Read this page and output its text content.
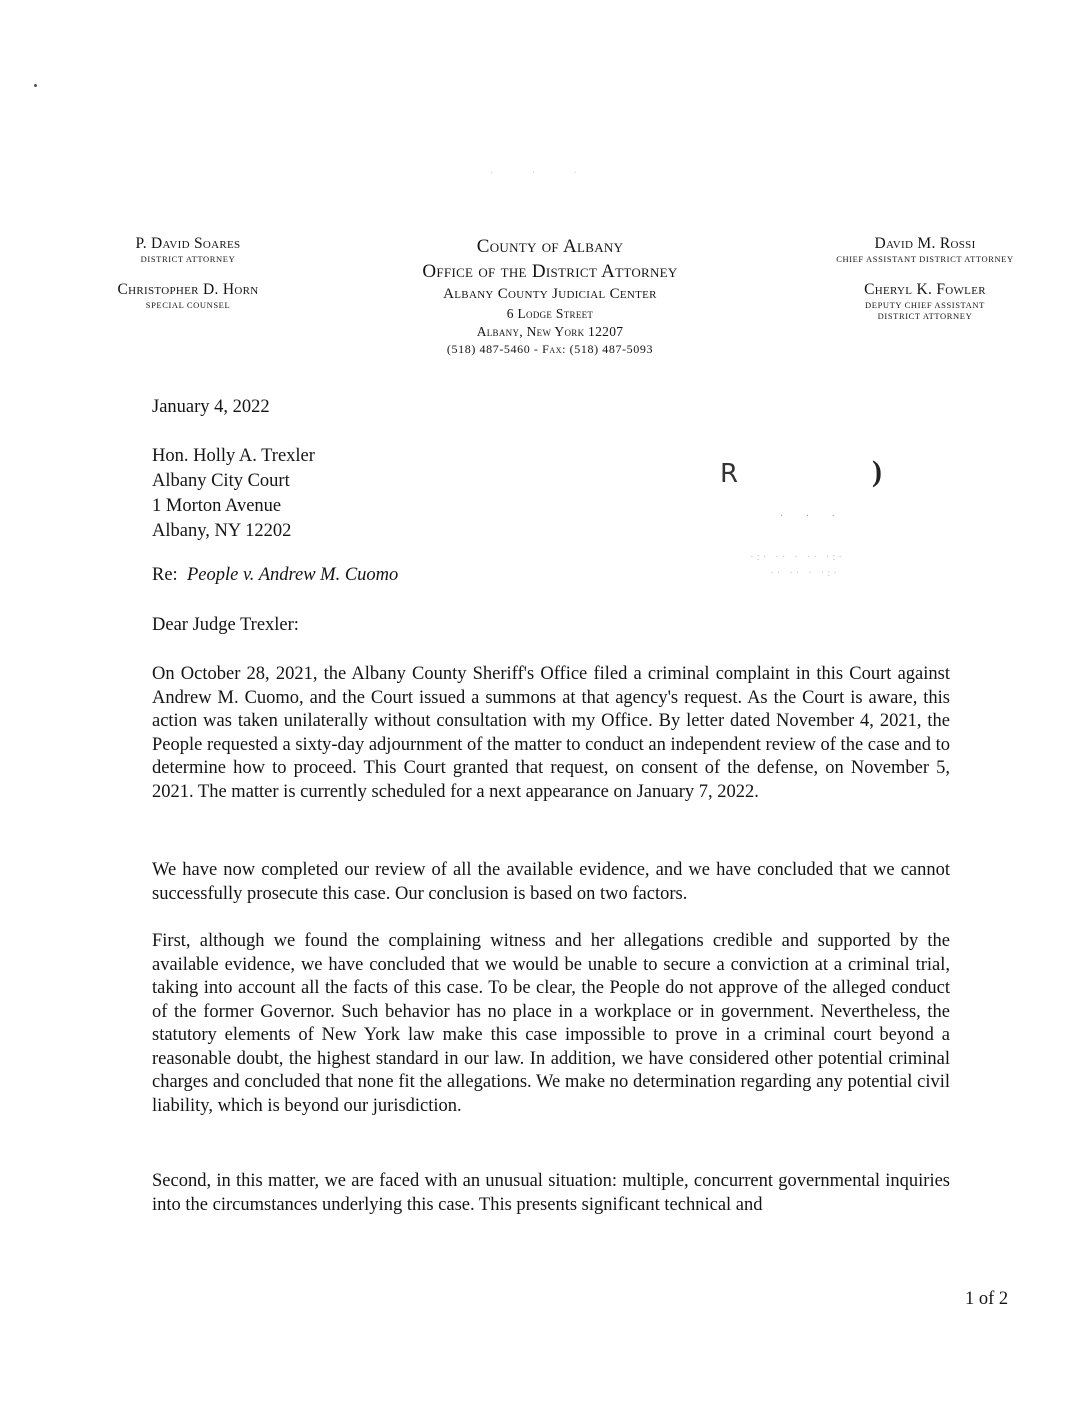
· · ·
P. David Soares
DISTRICT ATTORNEY
Christopher D. Horn
SPECIAL COUNSEL
County of Albany
Office of the District Attorney
Albany County Judicial Center
6 Lodge Street
Albany, New York 12207
(518) 487-5460 - Fax: (518) 487-5093
David M. Rossi
CHIEF ASSISTANT DISTRICT ATTORNEY
Cheryl K. Fowler
DEPUTY CHIEF ASSISTANT
DISTRICT ATTORNEY
January 4, 2022
Hon. Holly A. Trexler
Albany City Court
1 Morton Avenue
Albany, NY 12202
R	)
· · ·
·:· ·· · ·· ·:·
·· ·· · ·:·
Re: People v. Andrew M. Cuomo
Dear Judge Trexler:
On October 28, 2021, the Albany County Sheriff's Office filed a criminal complaint in this Court against Andrew M. Cuomo, and the Court issued a summons at that agency's request. As the Court is aware, this action was taken unilaterally without consultation with my Office. By letter dated November 4, 2021, the People requested a sixty-day adjournment of the matter to conduct an independent review of the case and to determine how to proceed. This Court granted that request, on consent of the defense, on November 5, 2021. The matter is currently scheduled for a next appearance on January 7, 2022.
We have now completed our review of all the available evidence, and we have concluded that we cannot successfully prosecute this case. Our conclusion is based on two factors.
First, although we found the complaining witness and her allegations credible and supported by the available evidence, we have concluded that we would be unable to secure a conviction at a criminal trial, taking into account all the facts of this case. To be clear, the People do not approve of the alleged conduct of the former Governor. Such behavior has no place in a workplace or in government. Nevertheless, the statutory elements of New York law make this case impossible to prove in a criminal court beyond a reasonable doubt, the highest standard in our law. In addition, we have considered other potential criminal charges and concluded that none fit the allegations. We make no determination regarding any potential civil liability, which is beyond our jurisdiction.
Second, in this matter, we are faced with an unusual situation: multiple, concurrent governmental inquiries into the circumstances underlying this case. This presents significant technical and
1 of 2
